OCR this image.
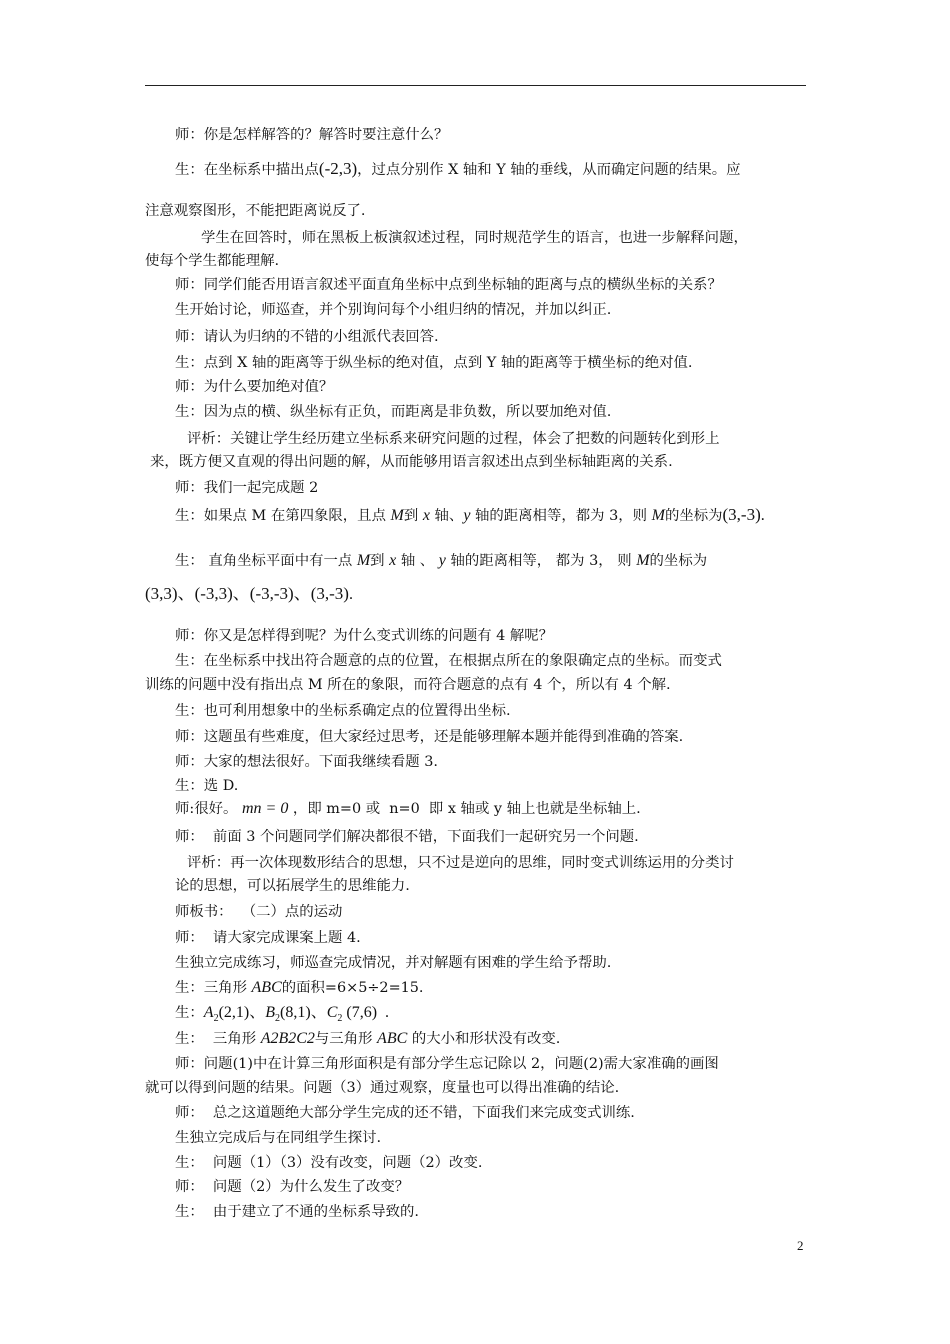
师：你是怎样解答的？解答时要注意什么？
生：在坐标系中描出点(-2,3)，过点分别作 X 轴和 Y 轴的垂线，从而确定问题的结果。应
注意观察图形，不能把距离说反了.
学生在回答时，师在黑板上板演叙述过程，同时规范学生的语言，也进一步解释问题，
使每个学生都能理解.
师：同学们能否用语言叙述平面直角坐标中点到坐标轴的距离与点的横纵坐标的关系？
生开始讨论，师巡查，并个别询问每个小组归纳的情况，并加以纠正.
师：请认为归纳的不错的小组派代表回答.
生：点到 X 轴的距离等于纵坐标的绝对值，点到 Y 轴的距离等于横坐标的绝对值.
师：为什么要加绝对值？
生：因为点的横、纵坐标有正负，而距离是非负数，所以要加绝对值.
评析：关键让学生经历建立坐标系来研究问题的过程，体会了把数的问题转化到形上
来，既方便又直观的得出问题的解，从而能够用语言叙述出点到坐标轴距离的关系.
师：我们一起完成题 2
生：如果点 M 在第四象限，且点 M到 x 轴、y 轴的距离相等，都为 3，则 M的坐标为(3,-3).
生： 直角坐标平面中有一点 M到 x 轴 、 y 轴的距离相等， 都为 3， 则 M的坐标为
(3,3)、(-3,3)、(-3,-3)、(3,-3).
师：你又是怎样得到呢？为什么变式训练的问题有 4 解呢？
生：在坐标系中找出符合题意的点的位置，在根据点所在的象限确定点的坐标。而变式
训练的问题中没有指出点 M 所在的象限，而符合题意的点有 4 个，所以有 4 个解.
生：也可利用想象中的坐标系确定点的位置得出坐标.
师：这题虽有些难度，但大家经过思考，还是能够理解本题并能得到准确的答案.
师：大家的想法很好。下面我继续看题 3.
生：选 D.
师:很好。 mn = 0 ，即 m=0 或  n=0  即 x 轴或 y 轴上也就是坐标轴上.
师：  前面 3 个问题同学们解决都很不错，下面我们一起研究另一个问题.
评析：再一次体现数形结合的思想，只不过是逆向的思维，同时变式训练运用的分类讨
论的思想，可以拓展学生的思维能力.
师板书：  （二）点的运动
师：  请大家完成课案上题 4.
生独立完成练习，师巡查完成情况，并对解题有困难的学生给予帮助.
生：三角形 ABC的面积=6×5÷2=15.
生：$A_2(2,1)$、$B_2(8,1)$、$C_2$ (7,6)  .
生：  三角形 A2B2C2与三角形 ABC 的大小和形状没有改变.
师：问题(1)中在计算三角形面积是有部分学生忘记除以 2，问题(2)需大家准确的画图
就可以得到问题的结果。问题（3）通过观察，度量也可以得出准确的结论.
师：  总之这道题绝大部分学生完成的还不错，下面我们来完成变式训练.
生独立完成后与在同组学生探讨.
生：  问题（1）（3）没有改变，问题（2）改变.
师：  问题（2）为什么发生了改变？
生：  由于建立了不通的坐标系导致的.
2
